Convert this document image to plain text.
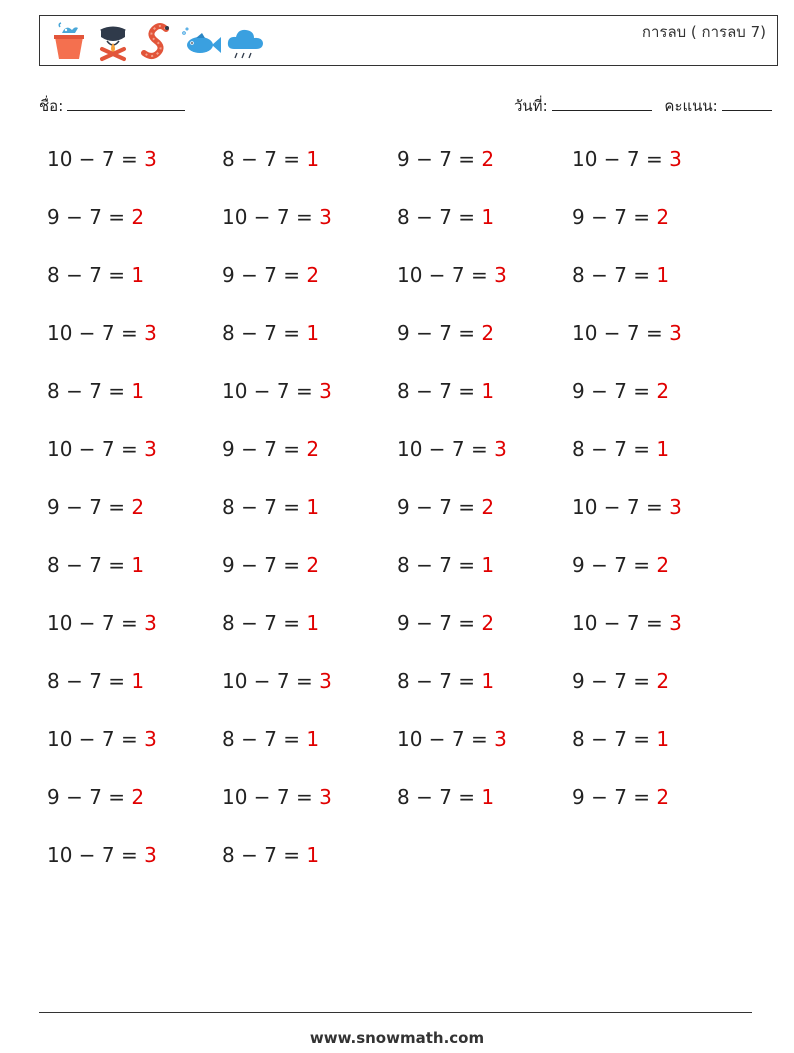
การลบ ( การลบ 7)
ชื่อ:	วันที่:	คะแนน:
10 − 7 = 3	8 − 7 = 1	9 − 7 = 2	10 − 7 = 3
9 − 7 = 2	10 − 7 = 3	8 − 7 = 1	9 − 7 = 2
8 − 7 = 1	9 − 7 = 2	10 − 7 = 3	8 − 7 = 1
10 − 7 = 3	8 − 7 = 1	9 − 7 = 2	10 − 7 = 3
8 − 7 = 1	10 − 7 = 3	8 − 7 = 1	9 − 7 = 2
10 − 7 = 3	9 − 7 = 2	10 − 7 = 3	8 − 7 = 1
9 − 7 = 2	8 − 7 = 1	9 − 7 = 2	10 − 7 = 3
8 − 7 = 1	9 − 7 = 2	8 − 7 = 1	9 − 7 = 2
10 − 7 = 3	8 − 7 = 1	9 − 7 = 2	10 − 7 = 3
8 − 7 = 1	10 − 7 = 3	8 − 7 = 1	9 − 7 = 2
10 − 7 = 3	8 − 7 = 1	10 − 7 = 3	8 − 7 = 1
9 − 7 = 2	10 − 7 = 3	8 − 7 = 1	9 − 7 = 2
10 − 7 = 3	8 − 7 = 1
www.snowmath.com
